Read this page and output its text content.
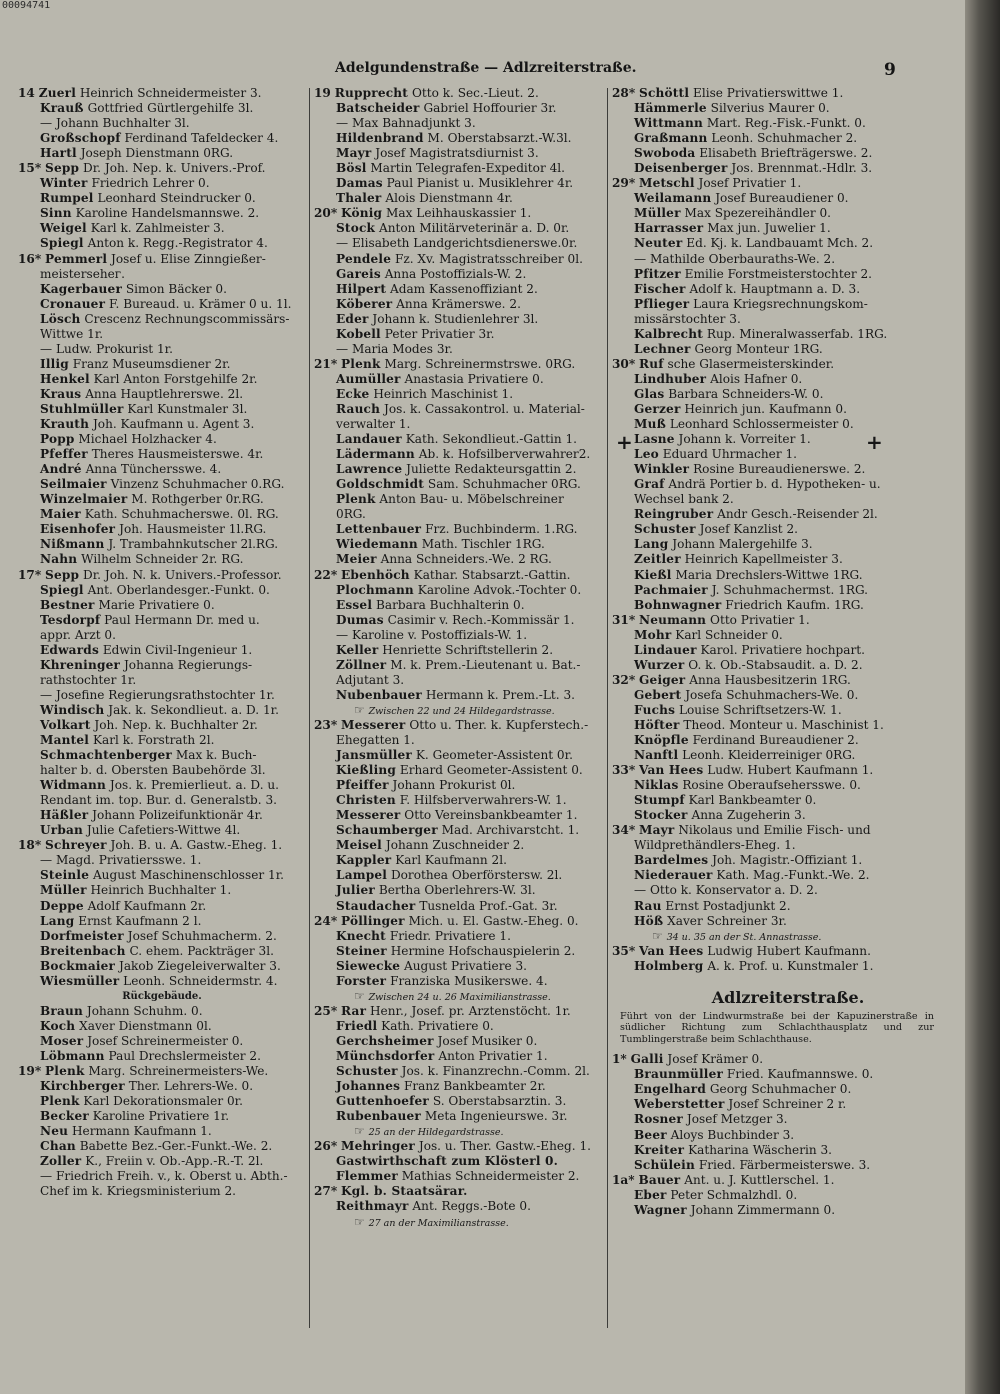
00094741
Adelgundenstraße — Adlzreiterstraße.	9
14 Zuerl Heinrich Schneidermeister 3.
Krauß Gottfried Gürtlergehilfe 3l.
— Johann Buchhalter 3l.
Großschopf Ferdinand Tafeldecker 4.
Hartl Joseph Dienstmann 0RG.
15* Sepp Dr. Joh. Nep. k. Univers.-Prof.
Winter Friedrich Lehrer 0.
Rumpel Leonhard Steindrucker 0.
Sinn Karoline Handelsmannswe. 2.
Weigel Karl k. Zahlmeister 3.
Spiegl Anton k. Regg.-Registrator 4.
16* Pemmerl Josef u. Elise Zinngießer-
meistersehег.
Kagerbauer Simon Bäcker 0.
Cronauer F. Bureaud. u. Krämer 0 u. 1l.
Lösch Crescenz Rechnungscommissärs-
Wittwe 1r.
— Ludw. Prokurist 1r.
Illig Franz Museumsdiener 2r.
Henkel Karl Anton Forstgehilfe 2r.
Kraus Anna Hauptlehrerswe. 2l.
Stuhlmüller Karl Kunstmaler 3l.
Krauth Joh. Kaufmann u. Agent 3.
Popp Michael Holzhacker 4.
Pfeffer Theres Hausmeisterswe. 4r.
André Anna Tünchersswe. 4.
Seilmaier Vinzenz Schuhmacher 0.RG.
Winzelmaier M. Rothgerber 0r.RG.
Maier Kath. Schuhmacherswe. 0l. RG.
Eisenhofer Joh. Hausmeister 1l.RG.
Nißmann J. Trambahnkutscher 2l.RG.
Nahn Wilhelm Schneider 2r. RG.
17* Sepp Dr. Joh. N. k. Univers.-Professor.
Spiegl Ant. Oberlandesger.-Funkt. 0.
Bestner Marie Privatiere 0.
Tesdorpf Paul Hermann Dr. med u.
appr. Arzt 0.
Edwards Edwin Civil-Ingenieur 1.
Khreninger Johanna Regierungs-
rathstochter 1r.
— Josefine Regierungsrathstochter 1r.
Windisch Jak. k. Sekondlieut. a. D. 1r.
Volkart Joh. Nep. k. Buchhalter 2r.
Mantel Karl k. Forstrath 2l.
Schmachtenberger Max k. Buch-
halter b. d. Obersten Baubehörde 3l.
Widmann Jos. k. Premierlieut. a. D. u.
Rendant im. top. Bur. d. Generalstb. 3.
Häßler Johann Polizeifunktionär 4r.
Urban Julie Cafetiers-Wittwe 4l.
18* Schreyer Joh. B. u. A. Gastw.-Eheg. 1.
— Magd. Privatiersswe. 1.
Steinle August Maschinenschlosser 1r.
Müller Heinrich Buchhalter 1.
Deppe Adolf Kaufmann 2r.
Lang Ernst Kaufmann 2 l.
Dorfmeister Josef Schuhmacherm. 2.
Breitenbach C. ehem. Packträger 3l.
Bockmaier Jakob Ziegeleiverwalter 3.
Wiesmüller Leonh. Schneidermstr. 4.
Rückgebäude.
Braun Johann Schuhm. 0.
Koch Xaver Dienstmann 0l.
Moser Josef Schreinermeister 0.
Löbmann Paul Drechslermeister 2.
19* Plenk Marg. Schreinermeisters-We.
Kirchberger Ther. Lehrers-We. 0.
Plenk Karl Dekorationsmaler 0r.
Becker Karoline Privatiere 1r.
Neu Hermann Kaufmann 1.
Chan Babette Bez.-Ger.-Funkt.-We. 2.
Zoller K., Freiin v. Ob.-App.-R.-T. 2l.
— Friedrich Freih. v., k. Oberst u. Abth.-
Chef im k. Kriegsministerium 2.
19 Rupprecht Otto k. Sec.-Lieut. 2.
Batscheider Gabriel Hoffourier 3r.
— Max Bahnadjunkt 3.
Hildenbrand M. Oberstabsarzt.-W.3l.
Mayr Josef Magistratsdiurnist 3.
Bösl Martin Telegrafen-Expeditor 4l.
Damas Paul Pianist u. Musiklehrer 4r.
Thaler Alois Dienstmann 4r.
20* König Max Leihhauskassier 1.
Stock Anton Militärveterinär a. D. 0r.
— Elisabeth Landgerichtsdienerswe.0r.
Pendele Fz. Xv. Magistratsschreiber 0l.
Gareis Anna Postoffizials-W. 2.
Hilpert Adam Kassenoffiziant 2.
Köberer Anna Krämerswe. 2.
Eder Johann k. Studienlehrer 3l.
Kobell Peter Privatier 3r.
— Maria Modes 3r.
21* Plenk Marg. Schreinermstrswe. 0RG.
Aumüller Anastasia Privatiere 0.
Ecke Heinrich Maschinist 1.
Rauch Jos. k. Cassakontrol. u. Material-
verwalter 1.
Landauer Kath. Sekondlieut.-Gattin 1.
Lädermann Ab. k. Hofsilberverwahrer2.
Lawrence Juliette Redakteursgattin 2.
Goldschmidt Sam. Schuhmacher 0RG.
Plenk Anton Bau- u. Möbelschreiner
0RG.
Lettenbauer Frz. Buchbinderm. 1.RG.
Wiedemann Math. Tischler 1RG.
Meier Anna Schneiders.-We. 2 RG.
22* Ebenhöch Kathar. Stabsarzt.-Gattin.
Plochmann Karoline Advok.-Tochter 0.
Essel Barbara Buchhalterin 0.
Dumas Casimir v. Rech.-Kommissär 1.
— Karoline v. Postoffizials-W. 1.
Keller Henriette Schriftstellerin 2.
Zöllner M. k. Prem.-Lieutenant u. Bat.-
Adjutant 3.
Nubenbauer Hermann k. Prem.-Lt. 3.
☞ Zwischen 22 und 24 Hildegardstrasse.
23* Messerer Otto u. Ther. k. Kupferstech.-
Ehegatten 1.
Jansmüller K. Geometer-Assistent 0r.
Kießling Erhard Geometer-Assistent 0.
Pfeiffer Johann Prokurist 0l.
Christen F. Hilfsberverwahrers-W. 1.
Messerer Otto Vereinsbankbeamter 1.
Schaumberger Mad. Archivarstcht. 1.
Meisel Johann Zuschneider 2.
Kappler Karl Kaufmann 2l.
Lampel Dorothea Oberförstersw. 2l.
Julier Bertha Oberlehrers-W. 3l.
Staudacher Tusnelda Prof.-Gat. 3r.
24* Pöllinger Mich. u. El. Gastw.-Eheg. 0.
Knecht Friedr. Privatiere 1.
Steiner Hermine Hofschauspielerin 2.
Siewecke August Privatiere 3.
Forster Franziska Musikerswe. 4.
☞ Zwischen 24 u. 26 Maximilianstrasse.
25* Rar Henr., Josef. pr. Arztenstöcht. 1r.
Friedl Kath. Privatiere 0.
Gerchsheimer Josef Musiker 0.
Münchsdorfer Anton Privatier 1.
Schuster Jos. k. Finanzrechn.-Comm. 2l.
Johannes Franz Bankbeamter 2r.
Guttenhoefer S. Oberstabsarztin. 3.
Rubenbauer Meta Ingenieurswe. 3r.
☞ 25 an der Hildegardstrasse.
26* Mehringer Jos. u. Ther. Gastw.-Eheg. 1.
Gastwirthschaft zum Klösterl 0.
Flemmer Mathias Schneidermeister 2.
27* Kgl. b. Staatsärar.
Reithmayr Ant. Reggs.-Bote 0.
☞ 27 an der Maximilianstrasse.
28* Schöttl Elise Privatierswittwe 1.
Hämmerle Silverius Maurer 0.
Wittmann Mart. Reg.-Fisk.-Funkt. 0.
Graßmann Leonh. Schuhmacher 2.
Swoboda Elisabeth Briefträgerswe. 2.
Deisenberger Jos. Brennmat.-Hdlr. 3.
29* Metschl Josef Privatier 1.
Weilamann Josef Bureaudiener 0.
Müller Max Spezereihändler 0.
Harrasser Max jun. Juwelier 1.
Neuter Ed. Kj. k. Landbauamt Mch. 2.
— Mathilde Oberbauraths-We. 2.
Pfitzer Emilie Forstmeisterstochter 2.
Fischer Adolf k. Hauptmann a. D. 3.
Pflieger Laura Kriegsrechnungskom-
missärstochter 3.
Kalbrecht Rup. Mineralwasserfab. 1RG.
Lechner Georg Monteur 1RG.
30* Ruf sche Glasermeisterskinder.
Lindhuber Alois Hafner 0.
Glas Barbara Schneiders-W. 0.
Gerzer Heinrich jun. Kaufmann 0.
Muß Leonhard Schlossermeister 0.
Lasne Johann k. Vorreiter 1.
Leo Eduard Uhrmacher 1.
Winkler Rosine Bureaudienerswe. 2.
Graf Andrä Portier b. d. Hypotheken- u.
Wechsel bank 2.
Reingruber Andr Gesch.-Reisender 2l.
Schuster Josef Kanzlist 2.
Lang Johann Malergehilfe 3.
Zeitler Heinrich Kapellmeister 3.
Kießl Maria Drechslers-Wittwe 1RG.
Pachmaier J. Schuhmachermst. 1RG.
Bohnwagner Friedrich Kaufm. 1RG.
31* Neumann Otto Privatier 1.
Mohr Karl Schneider 0.
Lindauer Karol. Privatiere hochpart.
Wurzer O. k. Ob.-Stabsaudit. a. D. 2.
32* Geiger Anna Hausbesitzerin 1RG.
Gebert Josefa Schuhmachers-We. 0.
Fuchs Louise Schriftsetzers-W. 1.
Höfter Theod. Monteur u. Maschinist 1.
Knöpfle Ferdinand Bureaudiener 2.
Nanftl Leonh. Kleiderreiniger 0RG.
33* Van Hees Ludw. Hubert Kaufmann 1.
Niklas Rosine Oberaufsehersswe. 0.
Stumpf Karl Bankbeamter 0.
Stocker Anna Zugeherin 3.
34* Mayr Nikolaus und Emilie Fisch- und
Wildprethändlers-Eheg. 1.
Bardelmes Joh. Magistr.-Offiziant 1.
Niederauer Kath. Mag.-Funkt.-We. 2.
— Otto k. Konservator a. D. 2.
Rau Ernst Postadjunkt 2.
Höß Xaver Schreiner 3r.
☞ 34 u. 35 an der St. Annastrasse.
35* Van Hees Ludwig Hubert Kaufmann.
Holmberg A. k. Prof. u. Kunstmaler 1.
Adlzreiterstraße.
Führt von der Lindwurmstraße bei der Kapuzinerstraße in südlicher Richtung zum Schlachthausplatz und zur Tumblingerstraße beim Schlachthause.
1* Galli Josef Krämer 0.
Braunmüller Fried. Kaufmannswe. 0.
Engelhard Georg Schuhmacher 0.
Weberstetter Josef Schreiner 2 r.
Rosner Josef Metzger 3.
Beer Aloys Buchbinder 3.
Kreiter Katharina Wäscherin 3.
Schülein Fried. Färbermeisterswe. 3.
1a* Bauer Ant. u. J. Kuttlerschel. 1.
Eber Peter Schmalzhdl. 0.
Wagner Johann Zimmermann 0.
+	+
